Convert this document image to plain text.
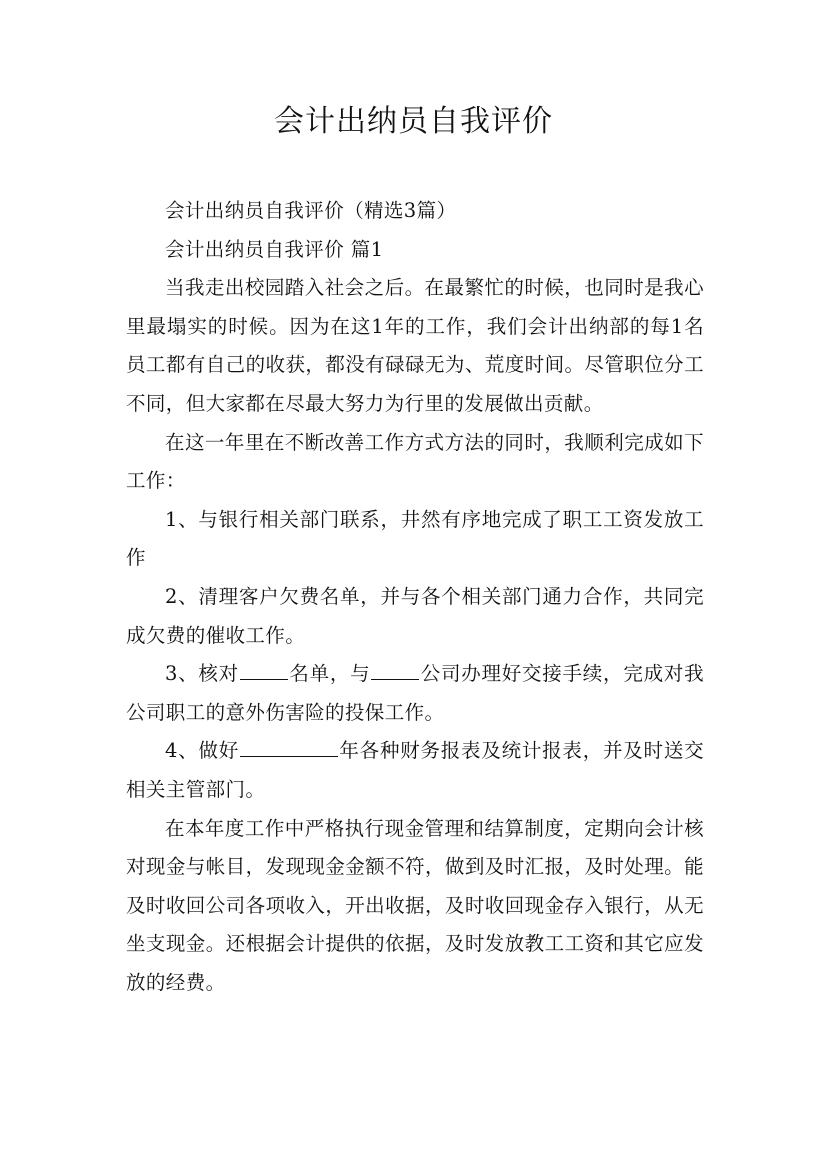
会计出纳员自我评价

会计出纳员自我评价（精选3篇）

会计出纳员自我评价 篇1

当我走出校园踏入社会之后。在最繁忙的时候，也同时是我心里最塌实的时候。因为在这1年的工作，我们会计出纳部的每1名员工都有自己的收获，都没有碌碌无为、荒度时间。尽管职位分工不同，但大家都在尽最大努力为行里的发展做出贡献。

在这一年里在不断改善工作方式方法的同时，我顺利完成如下工作：

1、与银行相关部门联系，井然有序地完成了职工工资发放工作

2、清理客户欠费名单，并与各个相关部门通力合作，共同完成欠费的催收工作。

3、核对	名单，与	公司办理好交接手续，完成对我公司职工的意外伤害险的投保工作。

4、做好	年各种财务报表及统计报表，并及时送交相关主管部门。

在本年度工作中严格执行现金管理和结算制度，定期向会计核对现金与帐目，发现现金金额不符，做到及时汇报，及时处理。能及时收回公司各项收入，开出收据，及时收回现金存入银行，从无坐支现金。还根据会计提供的依据，及时发放教工工资和其它应发放的经费。
